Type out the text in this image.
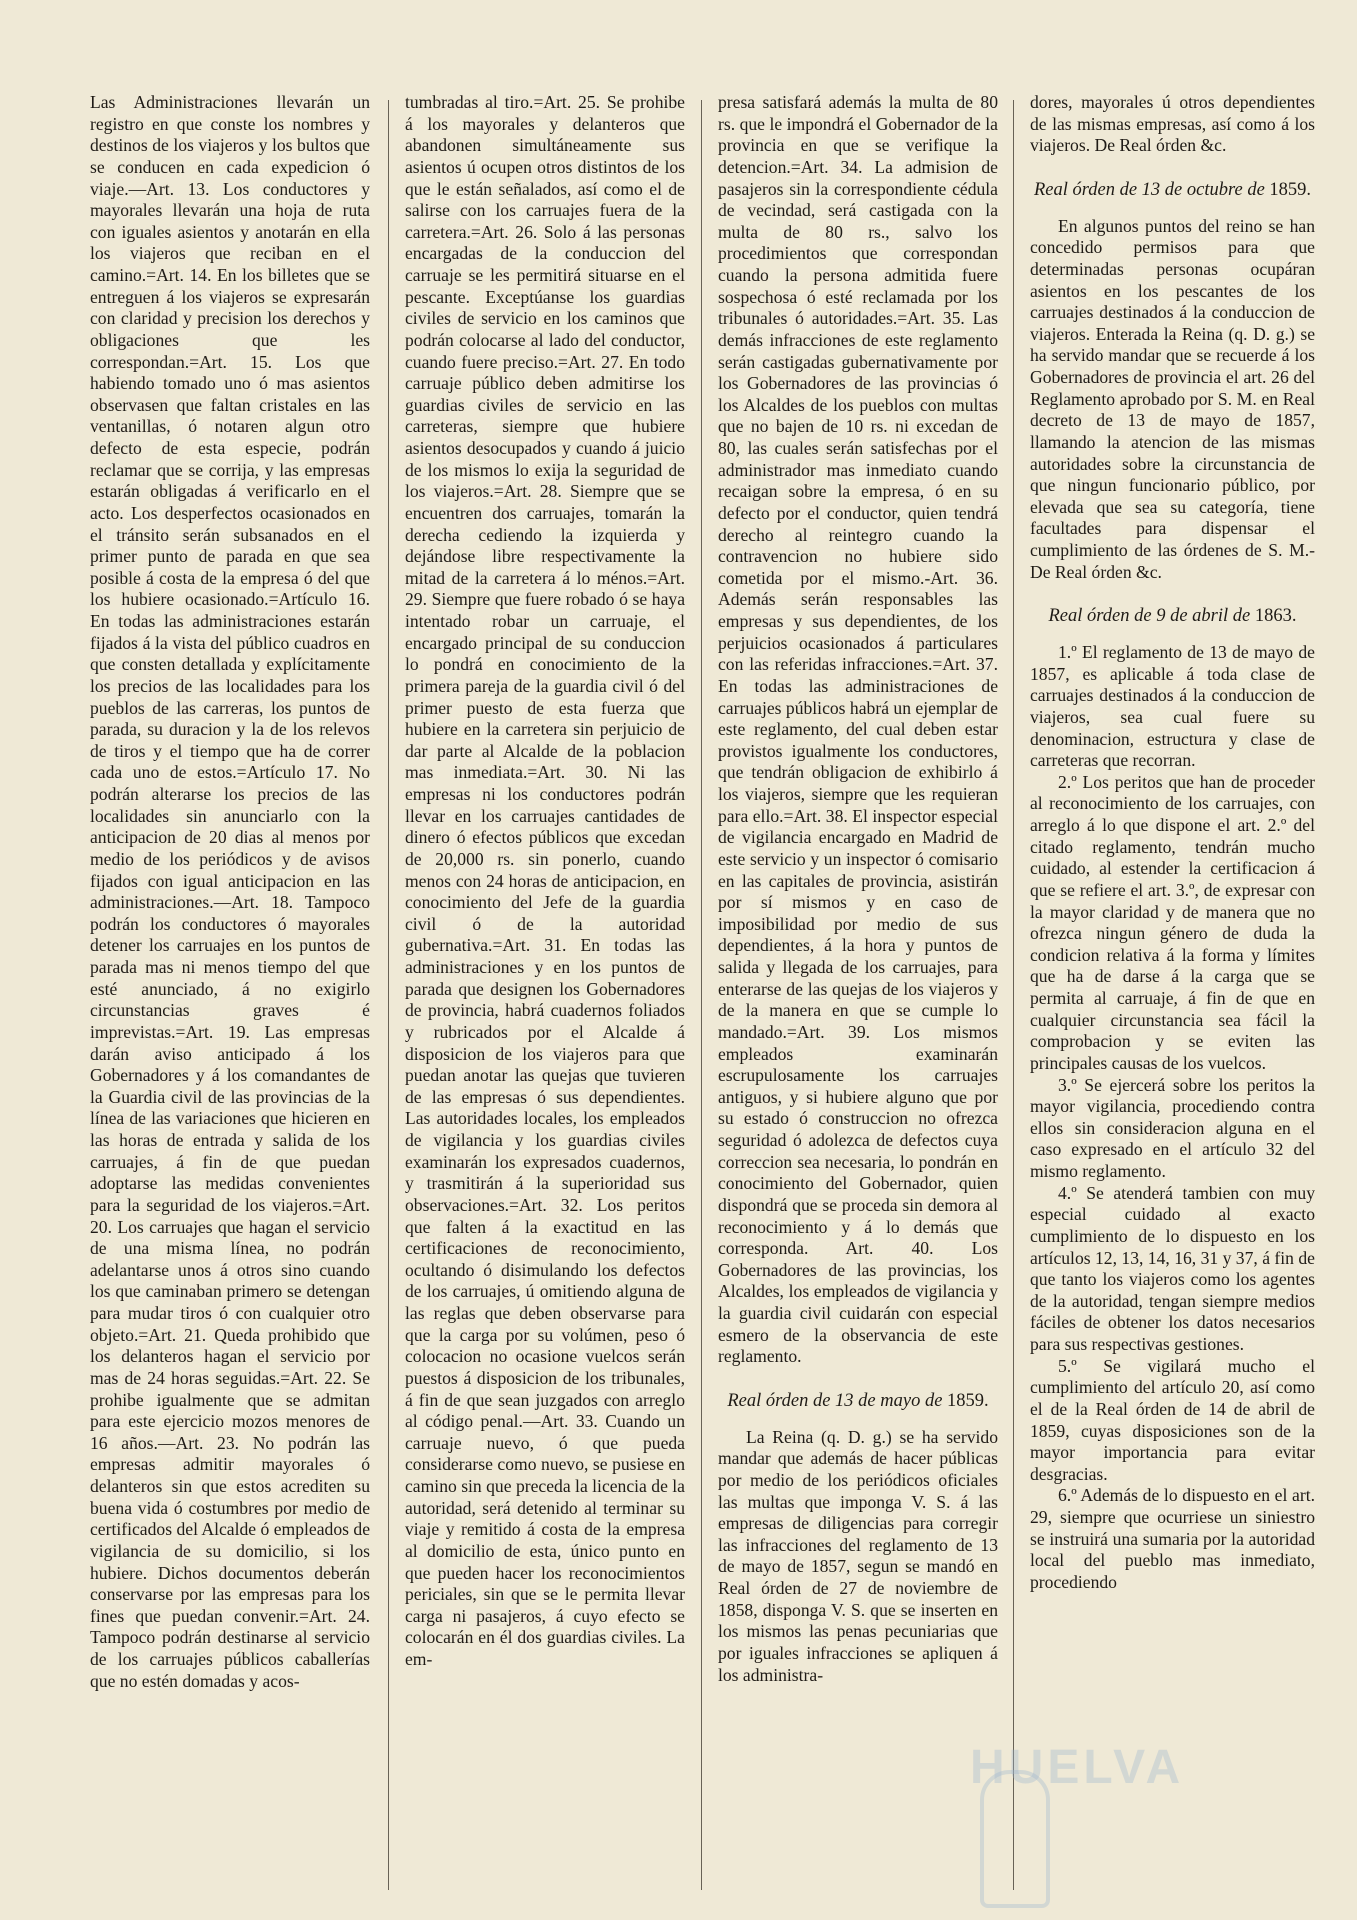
Las Administraciones llevarán un registro en que conste los nombres y destinos de los viajeros y los bultos que se conducen en cada expedicion ó viaje.—Art. 13. Los conductores y mayorales llevarán una hoja de ruta con iguales asientos y anotarán en ella los viajeros que reciban en el camino.=Art. 14. En los billetes que se entreguen á los viajeros se expresarán con claridad y precision los derechos y obligaciones que les correspondan.=Art. 15. Los que habiendo tomado uno ó mas asientos observasen que faltan cristales en las ventanillas, ó notaren algun otro defecto de esta especie, podrán reclamar que se corrija, y las empresas estarán obligadas á verificarlo en el acto. Los desperfectos ocasionados en el tránsito serán subsanados en el primer punto de parada en que sea posible á costa de la empresa ó del que los hubiere ocasionado.=Artículo 16. En todas las administraciones estarán fijados á la vista del público cuadros en que consten detallada y explícitamente los precios de las localidades para los pueblos de las carreras, los puntos de parada, su duracion y la de los relevos de tiros y el tiempo que ha de correr cada uno de estos.=Artículo 17. No podrán alterarse los precios de las localidades sin anunciarlo con la anticipacion de 20 dias al menos por medio de los periódicos y de avisos fijados con igual anticipacion en las administraciones.—Art. 18. Tampoco podrán los conductores ó mayorales detener los carruajes en los puntos de parada mas ni menos tiempo del que esté anunciado, á no exigirlo circunstancias graves é imprevistas.=Art. 19. Las empresas darán aviso anticipado á los Gobernadores y á los comandantes de la Guardia civil de las provincias de la línea de las variaciones que hicieren en las horas de entrada y salida de los carruajes, á fin de que puedan adoptarse las medidas convenientes para la seguridad de los viajeros.=Art. 20. Los carruajes que hagan el servicio de una misma línea, no podrán adelantarse unos á otros sino cuando los que caminaban primero se detengan para mudar tiros ó con cualquier otro objeto.=Art. 21. Queda prohibido que los delanteros hagan el servicio por mas de 24 horas seguidas.=Art. 22. Se prohibe igualmente que se admitan para este ejercicio mozos menores de 16 años.—Art. 23. No podrán las empresas admitir mayorales ó delanteros sin que estos acrediten su buena vida ó costumbres por medio de certificados del Alcalde ó empleados de vigilancia de su domicilio, si los hubiere. Dichos documentos deberán conservarse por las empresas para los fines que puedan convenir.=Art. 24. Tampoco podrán destinarse al servicio de los carruajes públicos caballerías que no estén domadas y acos-

tumbradas al tiro.=Art. 25. Se prohibe á los mayorales y delanteros que abandonen simultáneamente sus asientos ú ocupen otros distintos de los que le están señalados, así como el de salirse con los carruajes fuera de la carretera.=Art. 26. Solo á las personas encargadas de la conduccion del carruaje se les permitirá situarse en el pescante. Exceptúanse los guardias civiles de servicio en los caminos que podrán colocarse al lado del conductor, cuando fuere preciso.=Art. 27. En todo carruaje público deben admitirse los guardias civiles de servicio en las carreteras, siempre que hubiere asientos desocupados y cuando á juicio de los mismos lo exija la seguridad de los viajeros.=Art. 28. Siempre que se encuentren dos carruajes, tomarán la derecha cediendo la izquierda y dejándose libre respectivamente la mitad de la carretera á lo ménos.=Art. 29. Siempre que fuere robado ó se haya intentado robar un carruaje, el encargado principal de su conduccion lo pondrá en conocimiento de la primera pareja de la guardia civil ó del primer puesto de esta fuerza que hubiere en la carretera sin perjuicio de dar parte al Alcalde de la poblacion mas inmediata.=Art. 30. Ni las empresas ni los conductores podrán llevar en los carruajes cantidades de dinero ó efectos públicos que excedan de 20,000 rs. sin ponerlo, cuando menos con 24 horas de anticipacion, en conocimiento del Jefe de la guardia civil ó de la autoridad gubernativa.=Art. 31. En todas las administraciones y en los puntos de parada que designen los Gobernadores de provincia, habrá cuadernos foliados y rubricados por el Alcalde á disposicion de los viajeros para que puedan anotar las quejas que tuvieren de las empresas ó sus dependientes. Las autoridades locales, los empleados de vigilancia y los guardias civiles examinarán los expresados cuadernos, y trasmitirán á la superioridad sus observaciones.=Art. 32. Los peritos que falten á la exactitud en las certificaciones de reconocimiento, ocultando ó disimulando los defectos de los carruajes, ú omitiendo alguna de las reglas que deben observarse para que la carga por su volúmen, peso ó colocacion no ocasione vuelcos serán puestos á disposicion de los tribunales, á fin de que sean juzgados con arreglo al código penal.—Art. 33. Cuando un carruaje nuevo, ó que pueda considerarse como nuevo, se pusiese en camino sin que preceda la licencia de la autoridad, será detenido al terminar su viaje y remitido á costa de la empresa al domicilio de esta, único punto en que pueden hacer los reconocimientos periciales, sin que se le permita llevar carga ni pasajeros, á cuyo efecto se colocarán en él dos guardias civiles. La em-

presa satisfará además la multa de 80 rs. que le impondrá el Gobernador de la provincia en que se verifique la detencion.=Art. 34. La admision de pasajeros sin la correspondiente cédula de vecindad, será castigada con la multa de 80 rs., salvo los procedimientos que correspondan cuando la persona admitida fuere sospechosa ó esté reclamada por los tribunales ó autoridades.=Art. 35. Las demás infracciones de este reglamento serán castigadas gubernativamente por los Gobernadores de las provincias ó los Alcaldes de los pueblos con multas que no bajen de 10 rs. ni excedan de 80, las cuales serán satisfechas por el administrador mas inmediato cuando recaigan sobre la empresa, ó en su defecto por el conductor, quien tendrá derecho al reintegro cuando la contravencion no hubiere sido cometida por el mismo.-Art. 36. Además serán responsables las empresas y sus dependientes, de los perjuicios ocasionados á particulares con las referidas infracciones.=Art. 37. En todas las administraciones de carruajes públicos habrá un ejemplar de este reglamento, del cual deben estar provistos igualmente los conductores, que tendrán obligacion de exhibirlo á los viajeros, siempre que les requieran para ello.=Art. 38. El inspector especial de vigilancia encargado en Madrid de este servicio y un inspector ó comisario en las capitales de provincia, asistirán por sí mismos y en caso de imposibilidad por medio de sus dependientes, á la hora y puntos de salida y llegada de los carruajes, para enterarse de las quejas de los viajeros y de la manera en que se cumple lo mandado.=Art. 39. Los mismos empleados examinarán escrupulosamente los carruajes antiguos, y si hubiere alguno que por su estado ó construccion no ofrezca seguridad ó adolezca de defectos cuya correccion sea necesaria, lo pondrán en conocimiento del Gobernador, quien dispondrá que se proceda sin demora al reconocimiento y á lo demás que corresponda. Art. 40. Los Gobernadores de las provincias, los Alcaldes, los empleados de vigilancia y la guardia civil cuidarán con especial esmero de la observancia de este reglamento.

Real órden de 13 de mayo de 1859.

La Reina (q. D. g.) se ha servido mandar que además de hacer públicas por medio de los periódicos oficiales las multas que imponga V. S. á las empresas de diligencias para corregir las infracciones del reglamento de 13 de mayo de 1857, segun se mandó en Real órden de 27 de noviembre de 1858, disponga V. S. que se inserten en los mismos las penas pecuniarias que por iguales infracciones se apliquen á los administra-

dores, mayorales ú otros dependientes de las mismas empresas, así como á los viajeros. De Real órden &c.

Real órden de 13 de octubre de 1859.

En algunos puntos del reino se han concedido permisos para que determinadas personas ocupáran asientos en los pescantes de los carruajes destinados á la conduccion de viajeros. Enterada la Reina (q. D. g.) se ha servido mandar que se recuerde á los Gobernadores de provincia el art. 26 del Reglamento aprobado por S. M. en Real decreto de 13 de mayo de 1857, llamando la atencion de las mismas autoridades sobre la circunstancia de que ningun funcionario público, por elevada que sea su categoría, tiene facultades para dispensar el cumplimiento de las órdenes de S. M.-De Real órden &c.

Real órden de 9 de abril de 1863.

1.º El reglamento de 13 de mayo de 1857, es aplicable á toda clase de carruajes destinados á la conduccion de viajeros, sea cual fuere su denominacion, estructura y clase de carreteras que recorran.

2.º Los peritos que han de proceder al reconocimiento de los carruajes, con arreglo á lo que dispone el art. 2.º del citado reglamento, tendrán mucho cuidado, al estender la certificacion á que se refiere el art. 3.º, de expresar con la mayor claridad y de manera que no ofrezca ningun género de duda la condicion relativa á la forma y límites que ha de darse á la carga que se permita al carruaje, á fin de que en cualquier circunstancia sea fácil la comprobacion y se eviten las principales causas de los vuelcos.

3.º Se ejercerá sobre los peritos la mayor vigilancia, procediendo contra ellos sin consideracion alguna en el caso expresado en el artículo 32 del mismo reglamento.

4.º Se atenderá tambien con muy especial cuidado al exacto cumplimiento de lo dispuesto en los artículos 12, 13, 14, 16, 31 y 37, á fin de que tanto los viajeros como los agentes de la autoridad, tengan siempre medios fáciles de obtener los datos necesarios para sus respectivas gestiones.

5.º Se vigilará mucho el cumplimiento del artículo 20, así como el de la Real órden de 14 de abril de 1859, cuyas disposiciones son de la mayor importancia para evitar desgracias.

6.º Además de lo dispuesto en el art. 29, siempre que ocurriese un siniestro se instruirá una sumaria por la autoridad local del pueblo mas inmediato, procediendo

HUELVA
